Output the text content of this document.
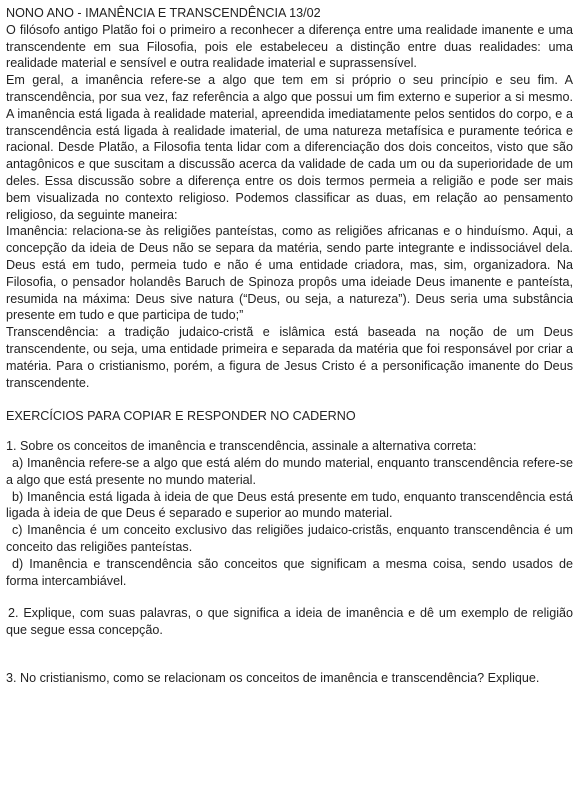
NONO ANO - IMANÊNCIA E TRANSCENDÊNCIA 13/02

O filósofo antigo Platão foi o primeiro a reconhecer a diferença entre uma realidade imanente e uma transcendente em sua Filosofia, pois ele estabeleceu a distinção entre duas realidades: uma realidade material e sensível e outra realidade imaterial e suprassensível.

Em geral, a imanência refere-se a algo que tem em si próprio o seu princípio e seu fim. A transcendência, por sua vez, faz referência a algo que possui um fim externo e superior a si mesmo. A imanência está ligada à realidade material, apreendida imediatamente pelos sentidos do corpo, e a transcendência está ligada à realidade imaterial, de uma natureza metafísica e puramente teórica e racional. Desde Platão, a Filosofia tenta lidar com a diferenciação dos dois conceitos, visto que são antagônicos e que suscitam a discussão acerca da validade de cada um ou da superioridade de um deles. Essa discussão sobre a diferença entre os dois termos permeia a religião e pode ser mais bem visualizada no contexto religioso. Podemos classificar as duas, em relação ao pensamento religioso, da seguinte maneira:

Imanência: relaciona-se às religiões panteístas, como as religiões africanas e o hinduísmo. Aqui, a concepção da ideia de Deus não se separa da matéria, sendo parte integrante e indissociável dela. Deus está em tudo, permeia tudo e não é uma entidade criadora, mas, sim, organizadora. Na Filosofia, o pensador holandês Baruch de Spinoza propôs uma ideiade Deus imanente e panteísta, resumida na máxima: Deus sive natura (“Deus, ou seja, a natureza”). Deus seria uma substância presente em tudo e que participa de tudo;”

Transcendência: a tradição judaico-cristã e islâmica está baseada na noção de um Deus transcendente, ou seja, uma entidade primeira e separada da matéria que foi responsável por criar a matéria. Para o cristianismo, porém, a figura de Jesus Cristo é a personificação imanente do Deus transcendente.

EXERCÍCIOS PARA COPIAR E RESPONDER NO CADERNO

1. Sobre os conceitos de imanência e transcendência, assinale a alternativa correta:

a) Imanência refere-se a algo que está além do mundo material, enquanto transcendência refere-se a algo que está presente no mundo material.

b) Imanência está ligada à ideia de que Deus está presente em tudo, enquanto transcendência está ligada à ideia de que Deus é separado e superior ao mundo material.

c) Imanência é um conceito exclusivo das religiões judaico-cristãs, enquanto transcendência é um conceito das religiões panteístas.

d) Imanência e transcendência são conceitos que significam a mesma coisa, sendo usados de forma intercambiável.

2. Explique, com suas palavras, o que significa a ideia de imanência e dê um exemplo de religião que segue essa concepção.

3. No cristianismo, como se relacionam os conceitos de imanência e transcendência? Explique.
